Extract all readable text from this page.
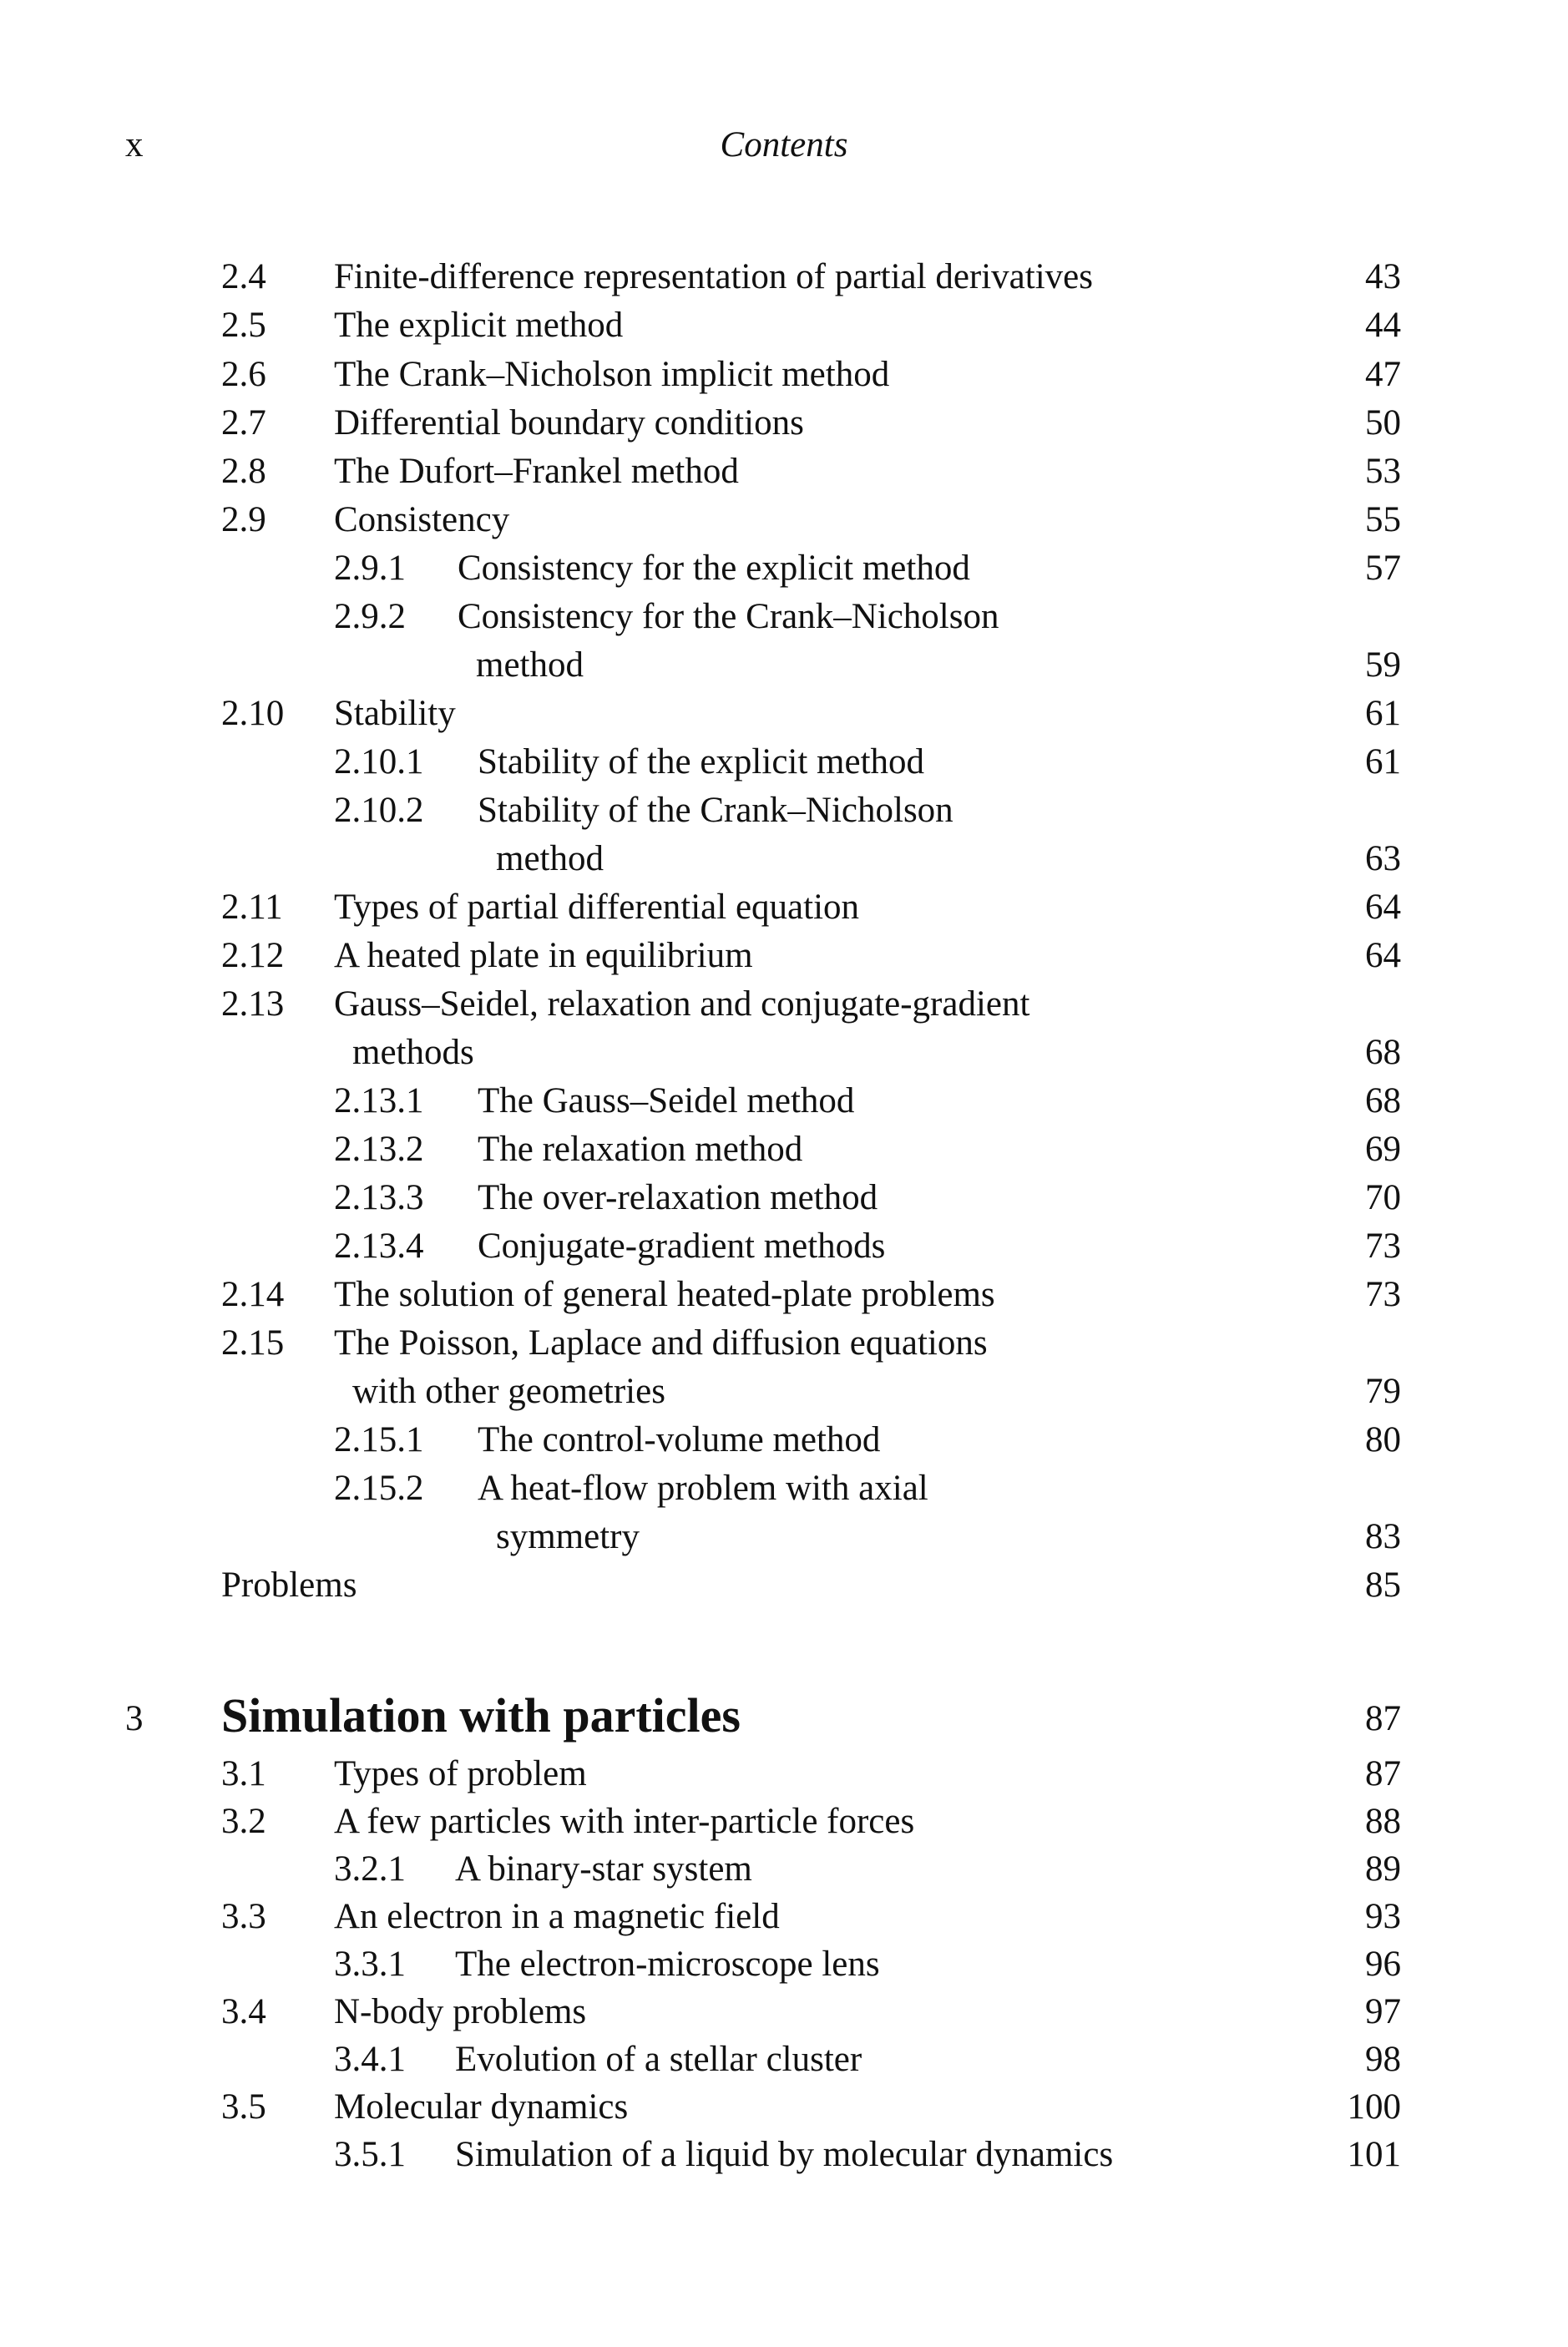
x	Contents
2.4 Finite-difference representation of partial derivatives	43
2.5 The explicit method	44
2.6 The Crank–Nicholson implicit method	47
2.7 Differential boundary conditions	50
2.8 The Dufort–Frankel method	53
2.9 Consistency	55
2.9.1 Consistency for the explicit method	57
2.9.2 Consistency for the Crank–Nicholson
method	59
2.10 Stability	61
2.10.1 Stability of the explicit method	61
2.10.2 Stability of the Crank–Nicholson
method	63
2.11 Types of partial differential equation	64
2.12 A heated plate in equilibrium	64
2.13 Gauss–Seidel, relaxation and conjugate-gradient
methods	68
2.13.1 The Gauss–Seidel method	68
2.13.2 The relaxation method	69
2.13.3 The over-relaxation method	70
2.13.4 Conjugate-gradient methods	73
2.14 The solution of general heated-plate problems	73
2.15 The Poisson, Laplace and diffusion equations
with other geometries	79
2.15.1 The control-volume method	80
2.15.2 A heat-flow problem with axial
symmetry	83
Problems	85
3 Simulation with particles	87
3.1 Types of problem	87
3.2 A few particles with inter-particle forces	88
3.2.1 A binary-star system	89
3.3 An electron in a magnetic field	93
3.3.1 The electron-microscope lens	96
3.4 N-body problems	97
3.4.1 Evolution of a stellar cluster	98
3.5 Molecular dynamics	100
3.5.1 Simulation of a liquid by molecular dynamics	101
